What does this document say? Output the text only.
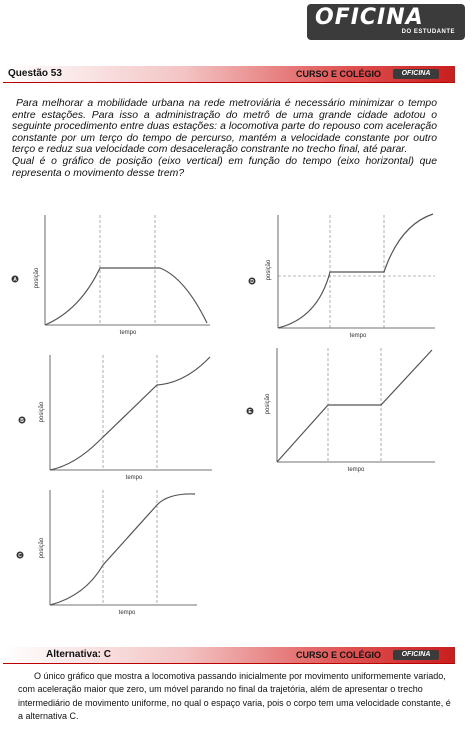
OFICINA
DO ESTUDANTE
Questão 53	CURSO E COLÉGIO	OFICINA

Para melhorar a mobilidade urbana na rede metroviária é necessário minimizar o tempo entre estações. Para isso a administração do metrô de uma grande cidade adotou o seguinte procedimento entre duas estações: a locomotiva parte do repouso com aceleração constante por um terço do tempo de percurso, mantém a velocidade constante por outro terço e reduz sua velocidade com desaceleração constrante no trecho final, até parar.

Qual é o gráfico de posição (eixo vertical) em função do tempo (eixo horizontal) que representa o movimento desse trem?

A	posição
tempo
D
posição
tempo
B	posição
tempo
E posição
tempo
C	posição
tempo
Alternativa: C	CURSO E COLÉGIO	OFICINA

O único gráfico que mostra a locomotiva passando inicialmente por movimento uniformemente variado, com aceleração maior que zero, um móvel parando no final da trajetória, além de apresentar o trecho intermediário de movimento uniforme, no qual o espaço varia, pois o corpo tem uma velocidade constante, é a alternativa C.
